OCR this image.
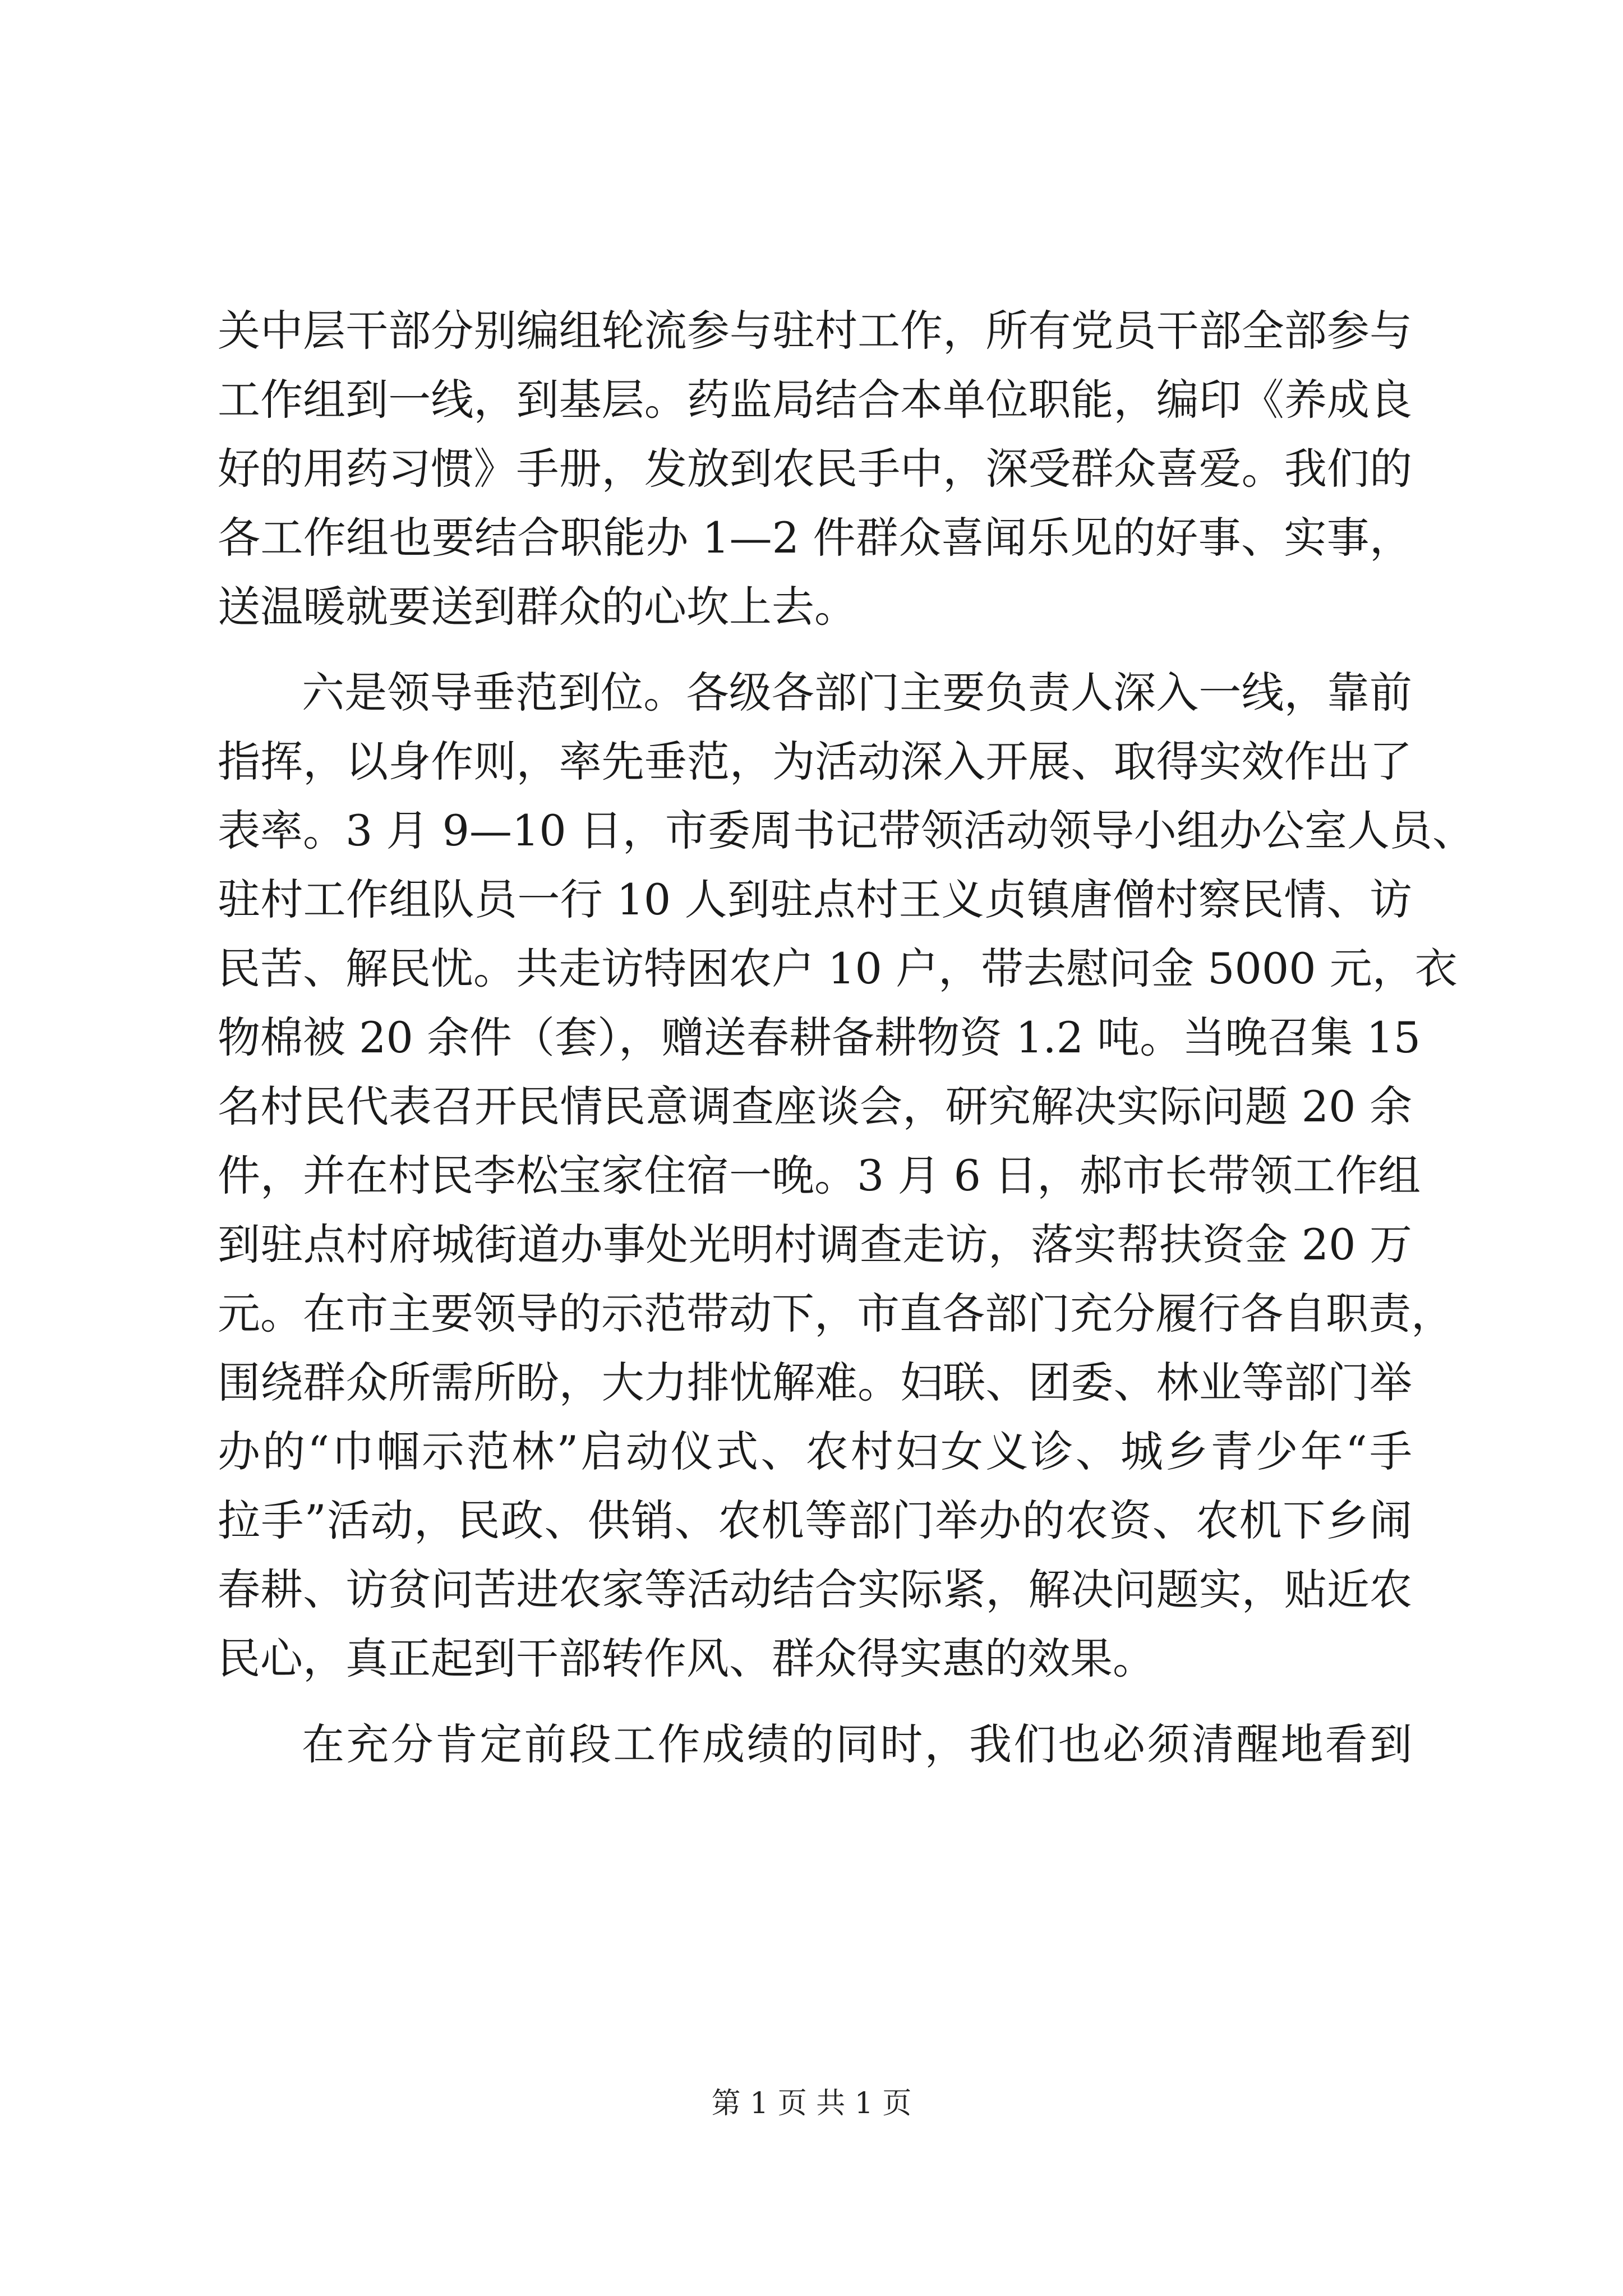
关中层干部分别编组轮流参与驻村工作，所有党员干部全部参与
工作组到一线，到基层。药监局结合本单位职能，编印《养成良
好的用药习惯》手册，发放到农民手中，深受群众喜爱。我们的
各工作组也要结合职能办 1—2 件群众喜闻乐见的好事、实事，
送温暖就要送到群众的心坎上去。
六是领导垂范到位。各级各部门主要负责人深入一线，靠前
指挥，以身作则，率先垂范，为活动深入开展、取得实效作出了
表率。3 月 9—10 日，市委周书记带领活动领导小组办公室人员、
驻村工作组队员一行 10 人到驻点村王义贞镇唐僧村察民情、访
民苦、解民忧。共走访特困农户 10 户，带去慰问金 5000 元，衣
物棉被 20 余件（套），赠送春耕备耕物资 1.2 吨。当晚召集 15
名村民代表召开民情民意调查座谈会，研究解决实际问题 20 余
件，并在村民李松宝家住宿一晚。3 月 6 日，郝市长带领工作组
到驻点村府城街道办事处光明村调查走访，落实帮扶资金 20 万
元。在市主要领导的示范带动下，市直各部门充分履行各自职责，
围绕群众所需所盼，大力排忧解难。妇联、团委、林业等部门举
办的“巾帼示范林”启动仪式、农村妇女义诊、城乡青少年“手
拉手”活动，民政、供销、农机等部门举办的农资、农机下乡闹
春耕、访贫问苦进农家等活动结合实际紧，解决问题实，贴近农
民心，真正起到干部转作风、群众得实惠的效果。
在充分肯定前段工作成绩的同时，我们也必须清醒地看到
第 1 页 共 1 页
